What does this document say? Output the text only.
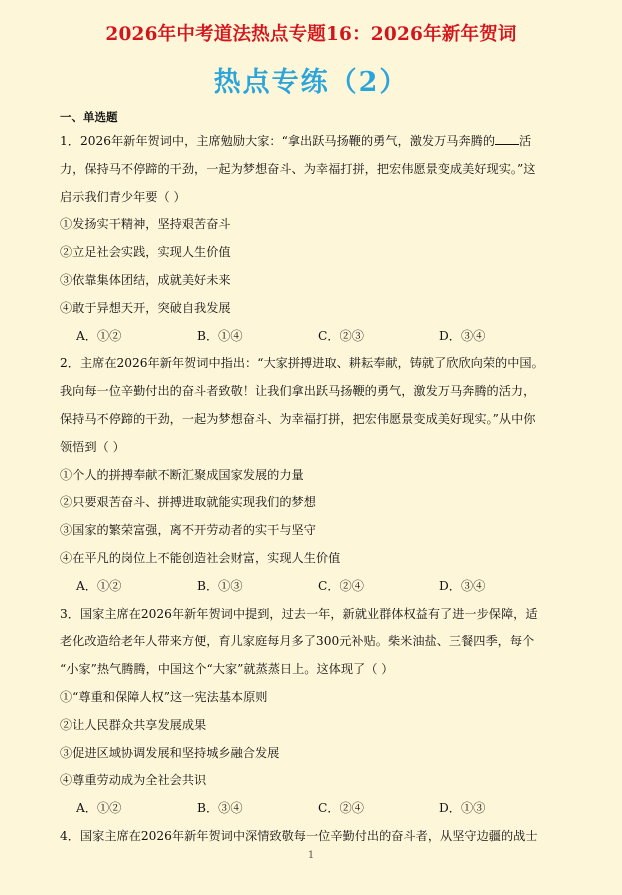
2026年中考道法热点专题16：2026年新年贺词
热点专练（2）
一、单选题
1．2026年新年贺词中，主席勉励大家：“拿出跃马扬鞭的勇气，激发万马奔腾的 活
力，保持马不停蹄的干劲，一起为梦想奋斗、为幸福打拼，把宏伟愿景变成美好现实。”这
启示我们青少年要（ ）
①发扬实干精神，坚持艰苦奋斗
②立足社会实践，实现人生价值
③依靠集体团结，成就美好未来
④敢于异想天开，突破自我发展
A．①②	B．①④	C．②③	D．③④
2．主席在2026年新年贺词中指出：“大家拼搏进取、耕耘奉献，铸就了欣欣向荣的中国。
我向每一位辛勤付出的奋斗者致敬！让我们拿出跃马扬鞭的勇气，激发万马奔腾的活力，
保持马不停蹄的干劲，一起为梦想奋斗、为幸福打拼，把宏伟愿景变成美好现实。”从中你
领悟到（ ）
①个人的拼搏奉献不断汇聚成国家发展的力量
②只要艰苦奋斗、拼搏进取就能实现我们的梦想
③国家的繁荣富强，离不开劳动者的实干与坚守
④在平凡的岗位上不能创造社会财富，实现人生价值
A．①②	B．①③	C．②④	D．③④
3．国家主席在2026年新年贺词中提到，过去一年，新就业群体权益有了进一步保障，适
老化改造给老年人带来方便，育儿家庭每月多了300元补贴。柴米油盐、三餐四季，每个
“小家”热气腾腾，中国这个“大家”就蒸蒸日上。这体现了（ ）
①“尊重和保障人权”这一宪法基本原则
②让人民群众共享发展成果
③促进区域协调发展和坚持城乡融合发展
④尊重劳动成为全社会共识
A．①②	B．③④	C．②④	D．①③
4．国家主席在2026年新年贺词中深情致敬每一位辛勤付出的奋斗者，从坚守边疆的战士
1
